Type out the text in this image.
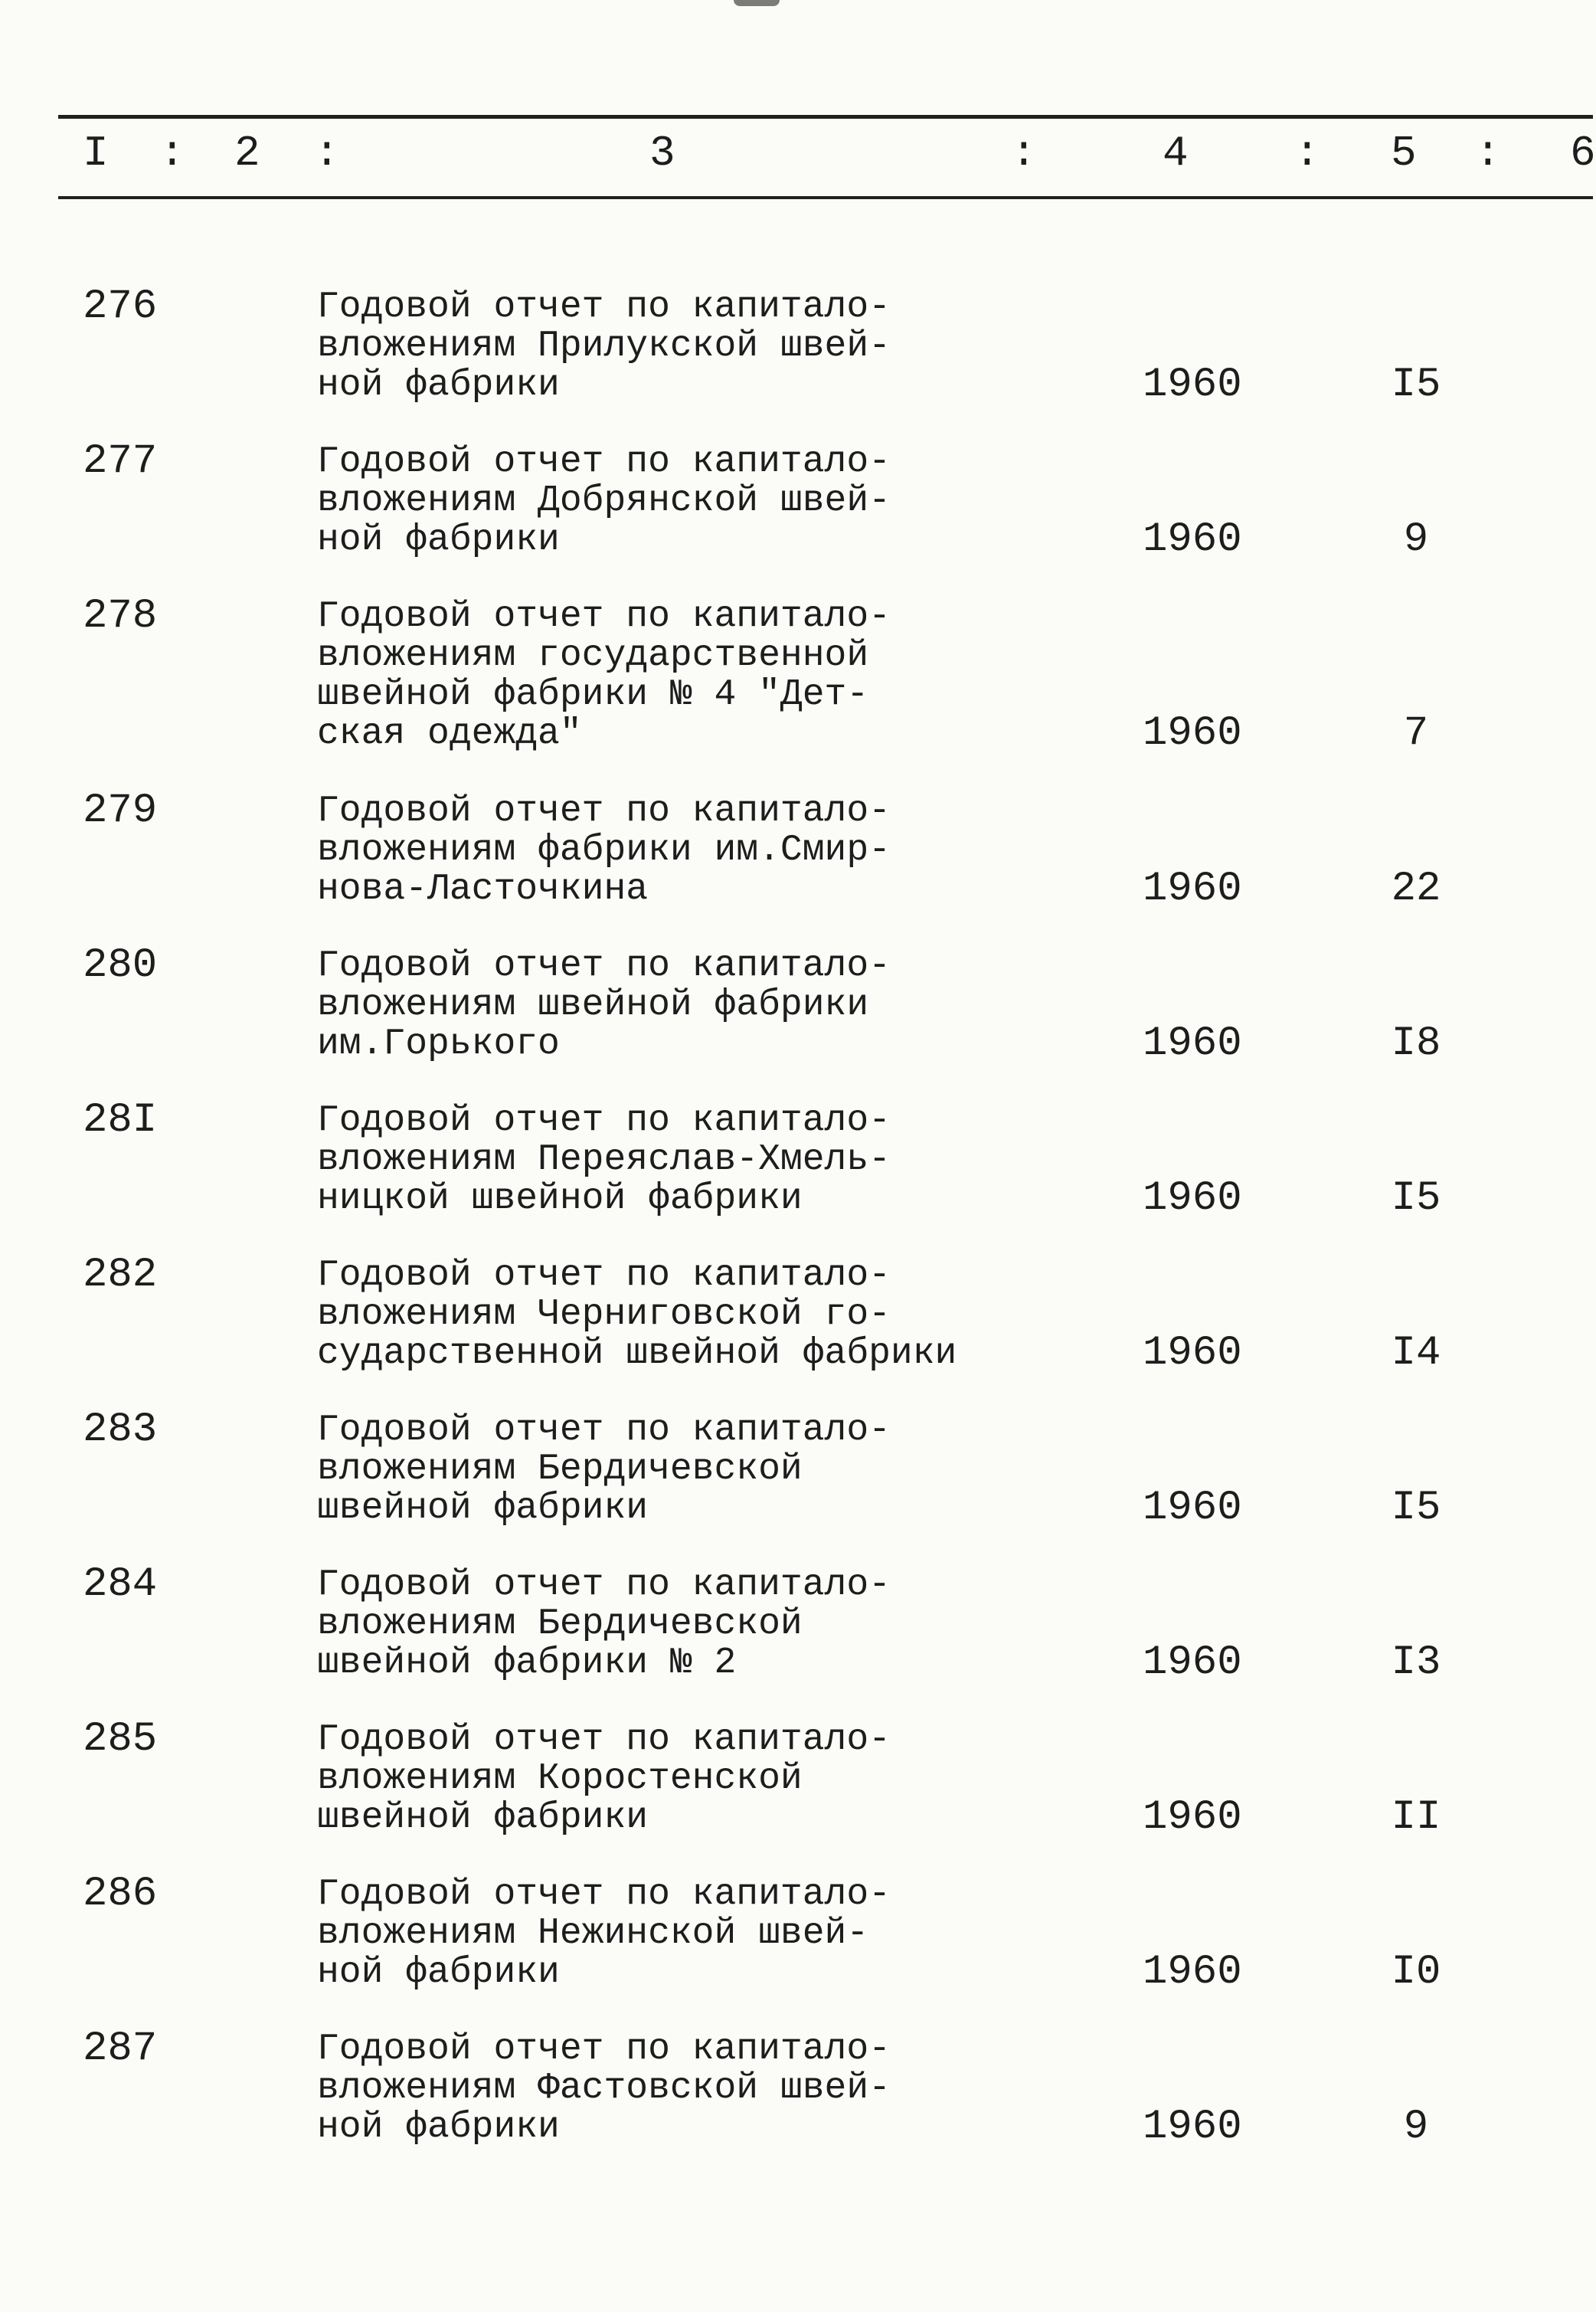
I : 2 :	3	:	4 : 5 : 6
276	Годовой отчет по капитало-
вложениям Прилукской швей-
ной фабрики	1960	I5
277	Годовой отчет по капитало-
вложениям Добрянской швей-
ной фабрики	1960	9
278	Годовой отчет по капитало-
вложениям государственной
швейной фабрики № 4 "Дет-
ская одежда"	1960	7
279	Годовой отчет по капитало-
вложениям фабрики им.Смир-
нова-Ласточкина	1960	22
280	Годовой отчет по капитало-
вложениям швейной фабрики
им.Горького	1960	I8
28I	Годовой отчет по капитало-
вложениям Переяслав-Хмель-
ницкой швейной фабрики	1960	I5
282	Годовой отчет по капитало-
вложениям Черниговской го-
сударственной швейной фабрики	1960	I4
283	Годовой отчет по капитало-
вложениям Бердичевской
швейной фабрики	1960	I5
284	Годовой отчет по капитало-
вложениям Бердичевской
швейной фабрики № 2	1960	I3
285	Годовой отчет по капитало-
вложениям Коростенской
швейной фабрики	1960	II
286	Годовой отчет по капитало-
вложениям Нежинской швей-
ной фабрики	1960	I0
287	Годовой отчет по капитало-
вложениям Фастовской швей-
ной фабрики	1960	9
